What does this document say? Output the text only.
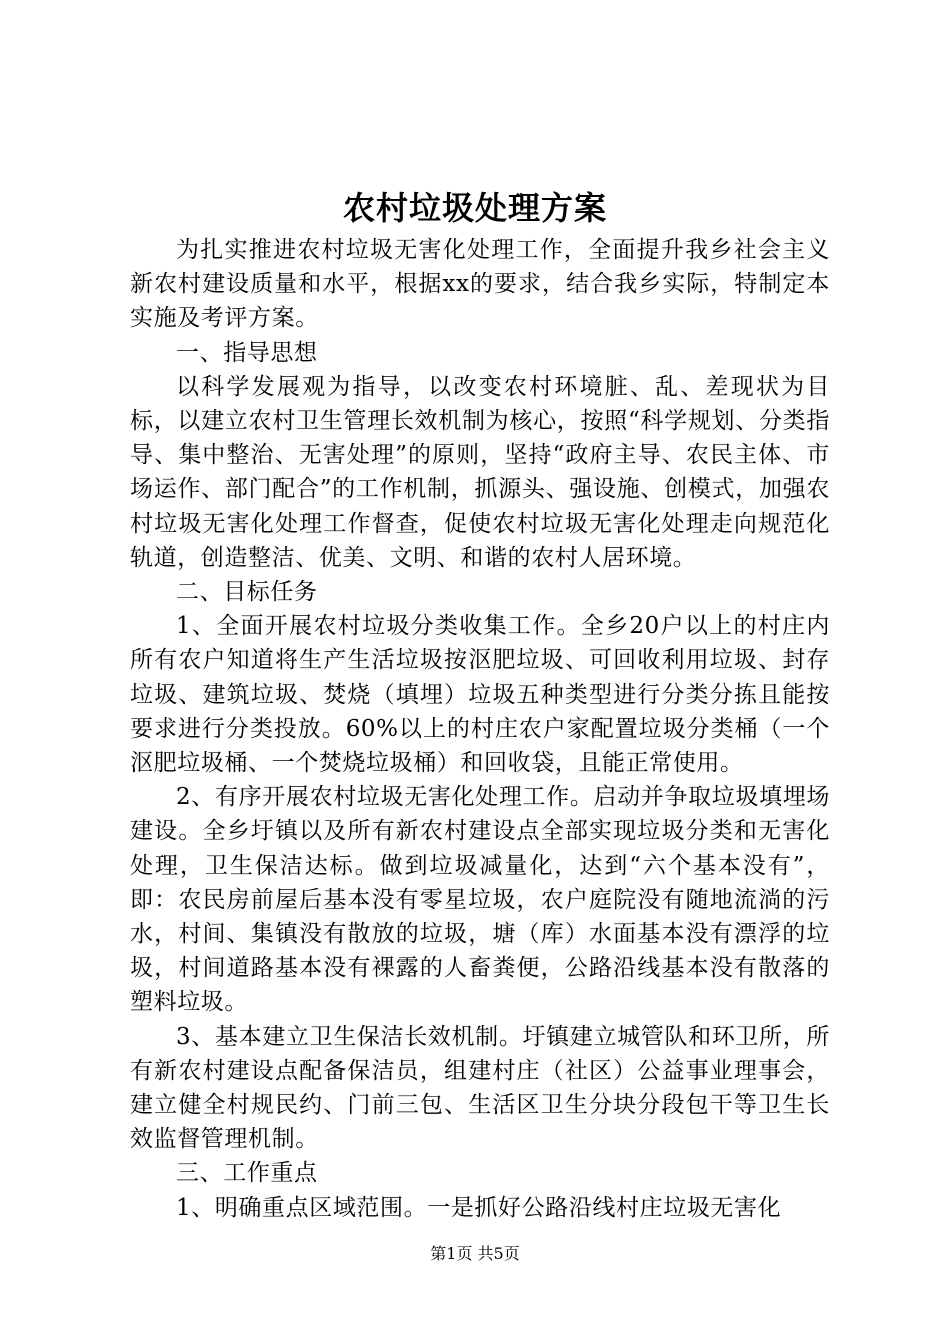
农村垃圾处理方案

为扎实推进农村垃圾无害化处理工作，全面提升我乡社会主义新农村建设质量和水平，根据xx的要求，结合我乡实际，特制定本实施及考评方案。

一、指导思想

以科学发展观为指导，以改变农村环境脏、乱、差现状为目标，以建立农村卫生管理长效机制为核心，按照“科学规划、分类指导、集中整治、无害处理”的原则，坚持“政府主导、农民主体、市场运作、部门配合”的工作机制，抓源头、强设施、创模式，加强农村垃圾无害化处理工作督查，促使农村垃圾无害化处理走向规范化轨道，创造整洁、优美、文明、和谐的农村人居环境。

二、目标任务

1、全面开展农村垃圾分类收集工作。全乡20户以上的村庄内所有农户知道将生产生活垃圾按沤肥垃圾、可回收利用垃圾、封存垃圾、建筑垃圾、焚烧（填埋）垃圾五种类型进行分类分拣且能按要求进行分类投放。60%以上的村庄农户家配置垃圾分类桶（一个沤肥垃圾桶、一个焚烧垃圾桶）和回收袋，且能正常使用。

2、有序开展农村垃圾无害化处理工作。启动并争取垃圾填埋场建设。全乡圩镇以及所有新农村建设点全部实现垃圾分类和无害化处理，卫生保洁达标。做到垃圾减量化，达到“六个基本没有”，即：农民房前屋后基本没有零星垃圾，农户庭院没有随地流淌的污水，村间、集镇没有散放的垃圾，塘（库）水面基本没有漂浮的垃圾，村间道路基本没有裸露的人畜粪便，公路沿线基本没有散落的塑料垃圾。

3、基本建立卫生保洁长效机制。圩镇建立城管队和环卫所，所有新农村建设点配备保洁员，组建村庄（社区）公益事业理事会，建立健全村规民约、门前三包、生活区卫生分块分段包干等卫生长效监督管理机制。

三、工作重点

1、明确重点区域范围。一是抓好公路沿线村庄垃圾无害化

第1页 共5页
